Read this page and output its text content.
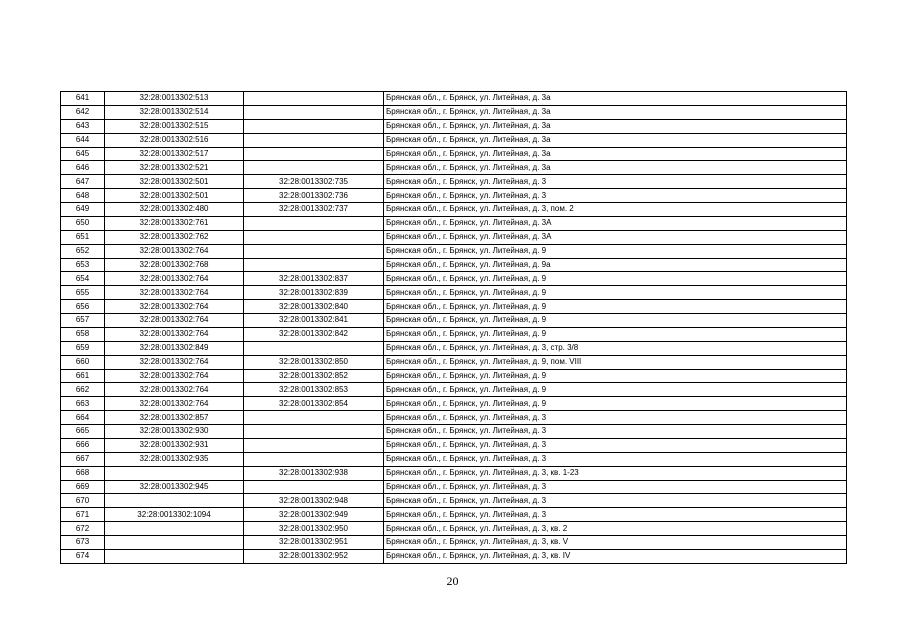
641	32:28:0013302:513		Брянская обл., г. Брянск, ул. Литейная, д. 3а
642	32:28:0013302:514		Брянская обл., г. Брянск, ул. Литейная, д. 3а
643	32:28:0013302:515		Брянская обл., г. Брянск, ул. Литейная, д. 3а
644	32:28:0013302:516		Брянская обл., г. Брянск, ул. Литейная, д. 3а
645	32:28:0013302:517		Брянская обл., г. Брянск, ул. Литейная, д. 3а
646	32:28:0013302:521		Брянская обл., г. Брянск, ул. Литейная, д. 3а
647	32:28:0013302:501	32:28:0013302:735	Брянская обл., г. Брянск, ул. Литейная, д. 3
648	32:28:0013302:501	32:28:0013302:736	Брянская обл., г. Брянск, ул. Литейная, д. 3
649	32:28:0013302:480	32:28:0013302:737	Брянская обл., г. Брянск, ул. Литейная, д. 3, пом. 2
650	32:28:0013302:761		Брянская обл., г. Брянск, ул. Литейная, д. 3А
651	32:28:0013302:762		Брянская обл., г. Брянск, ул. Литейная, д. 3А
652	32:28:0013302:764		Брянская обл., г. Брянск, ул. Литейная, д. 9
653	32:28:0013302:768		Брянская обл., г. Брянск, ул. Литейная, д. 9а
654	32:28:0013302:764	32:28:0013302:837	Брянская обл., г. Брянск, ул. Литейная, д. 9
655	32:28:0013302:764	32:28:0013302:839	Брянская обл., г. Брянск, ул. Литейная, д. 9
656	32:28:0013302:764	32:28:0013302:840	Брянская обл., г. Брянск, ул. Литейная, д. 9
657	32:28:0013302:764	32:28:0013302:841	Брянская обл., г. Брянск, ул. Литейная, д. 9
658	32:28:0013302:764	32:28:0013302:842	Брянская обл., г. Брянск, ул. Литейная, д. 9
659	32:28:0013302:849		Брянская обл., г. Брянск, ул. Литейная, д. 3, стр. 3/8
660	32:28:0013302:764	32:28:0013302:850	Брянская обл., г. Брянск, ул. Литейная, д. 9, пом. VIII
661	32:28:0013302:764	32:28:0013302:852	Брянская обл., г. Брянск, ул. Литейная, д. 9
662	32:28:0013302:764	32:28:0013302:853	Брянская обл., г. Брянск, ул. Литейная, д. 9
663	32:28:0013302:764	32:28:0013302:854	Брянская обл., г. Брянск, ул. Литейная, д. 9
664	32:28:0013302:857		Брянская обл., г. Брянск, ул. Литейная, д. 3
665	32:28:0013302:930		Брянская обл., г. Брянск, ул. Литейная, д. 3
666	32:28:0013302:931		Брянская обл., г. Брянск, ул. Литейная, д. 3
667	32:28:0013302:935		Брянская обл., г. Брянск, ул. Литейная, д. 3
668		32:28:0013302:938	Брянская обл., г. Брянск, ул. Литейная, д. 3, кв. 1-23
669	32:28:0013302:945		Брянская обл., г. Брянск, ул. Литейная, д. 3
670		32:28:0013302:948	Брянская обл., г. Брянск, ул. Литейная, д. 3
671	32:28:0013302:1094	32:28:0013302:949	Брянская обл., г. Брянск, ул. Литейная, д. 3
672		32:28:0013302:950	Брянская обл., г. Брянск, ул. Литейная, д. 3, кв. 2
673		32:28:0013302:951	Брянская обл., г. Брянск, ул. Литейная, д. 3, кв. V
674		32:28:0013302:952	Брянская обл., г. Брянск, ул. Литейная, д. 3, кв. IV
20
